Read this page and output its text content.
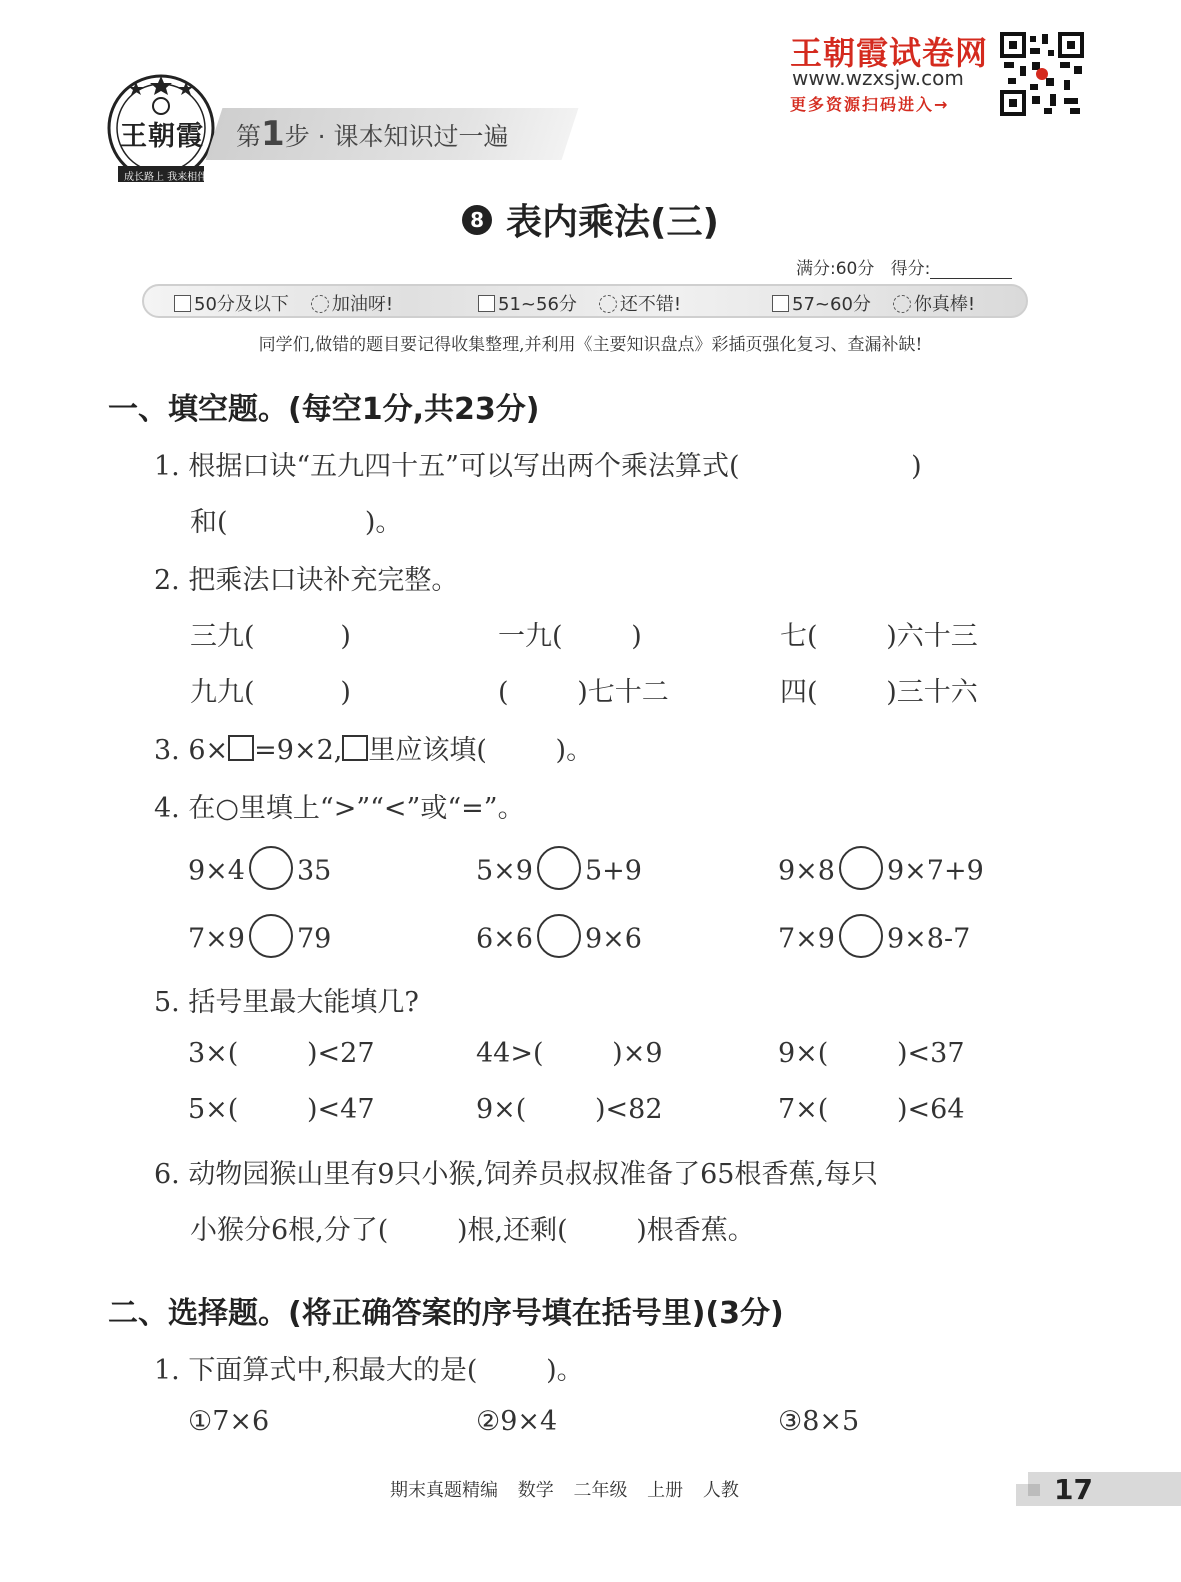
王朝霞
成长路上 我来相伴
第1步 · 课本知识过一遍
王朝霞试卷网
www.wzxsjw.com
更多资源扫码进入→
8 表内乘法(三)
满分:60分 得分:
50分及以下 加油呀!	51~56分 还不错!	57~60分 你真棒!
同学们,做错的题目要记得收集整理,并利用《主要知识盘点》彩插页强化复习、查漏补缺!
一、填空题。(每空1分,共23分)
1. 根据口诀“五九四十五”可以写出两个乘法算式(                    )
和(                )。
2. 把乘法口诀补充完整。
三九(          )	一九(        )	七(        )六十三
九九(          )	(        )七十二	四(        )三十六
3. 6× =9×2, 里应该填(        )。
4. 在○里填上“>”“<”或“=”。
9×4 35	5×9 5+9	9×8 9×7+9
7×9 79	6×6 9×6	7×9 9×8-7
5. 括号里最大能填几?
3×(        )<27	44>(        )×9	9×(        )<37
5×(        )<47	9×(        )<82	7×(        )<64
6. 动物园猴山里有9只小猴,饲养员叔叔准备了65根香蕉,每只
小猴分6根,分了(        )根,还剩(        )根香蕉。
二、选择题。(将正确答案的序号填在括号里)(3分)
1. 下面算式中,积最大的是(        )。
①7×6	②9×4	③8×5
期末真题精编 数学 二年级 上册 人教	17
